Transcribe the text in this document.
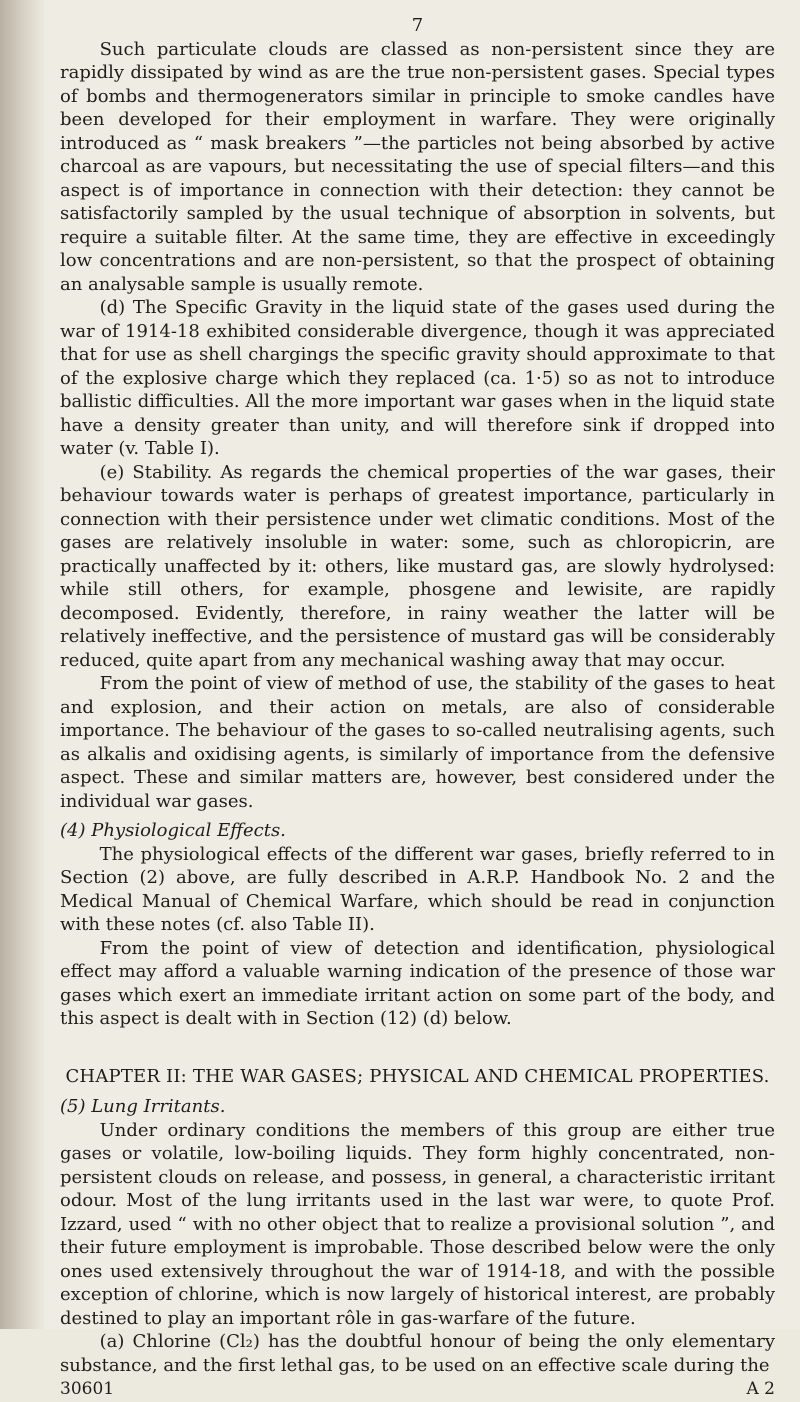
7

Such particulate clouds are classed as non-persistent since they are rapidly dissipated by wind as are the true non-persistent gases. Special types of bombs and thermogenerators similar in principle to smoke candles have been developed for their employment in warfare. They were originally introduced as “ mask breakers ”—the particles not being absorbed by active charcoal as are vapours, but necessitating the use of special filters—and this aspect is of importance in connection with their detection: they cannot be satisfactorily sampled by the usual technique of absorption in solvents, but require a suitable filter. At the same time, they are effective in exceedingly low concentrations and are non-persistent, so that the prospect of obtaining an analysable sample is usually remote.

(d) The Specific Gravity in the liquid state of the gases used during the war of 1914-18 exhibited considerable divergence, though it was appreciated that for use as shell chargings the specific gravity should approximate to that of the explosive charge which they replaced (ca. 1·5) so as not to introduce ballistic difficulties. All the more important war gases when in the liquid state have a density greater than unity, and will therefore sink if dropped into water (v. Table I).

(e) Stability. As regards the chemical properties of the war gases, their behaviour towards water is perhaps of greatest importance, particularly in connection with their persistence under wet climatic conditions. Most of the gases are relatively insoluble in water: some, such as chloropicrin, are practically unaffected by it: others, like mustard gas, are slowly hydrolysed: while still others, for example, phosgene and lewisite, are rapidly decomposed. Evidently, therefore, in rainy weather the latter will be relatively ineffective, and the persistence of mustard gas will be considerably reduced, quite apart from any mechanical washing away that may occur.

From the point of view of method of use, the stability of the gases to heat and explosion, and their action on metals, are also of considerable importance. The behaviour of the gases to so-called neutralising agents, such as alkalis and oxidising agents, is similarly of importance from the defensive aspect. These and similar matters are, however, best considered under the individual war gases.

(4) Physiological Effects.

The physiological effects of the different war gases, briefly referred to in Section (2) above, are fully described in A.R.P. Handbook No. 2 and the Medical Manual of Chemical Warfare, which should be read in conjunction with these notes (cf. also Table II).

From the point of view of detection and identification, physiological effect may afford a valuable warning indication of the presence of those war gases which exert an immediate irritant action on some part of the body, and this aspect is dealt with in Section (12) (d) below.

CHAPTER II: THE WAR GASES; PHYSICAL AND CHEMICAL PROPERTIES.

(5) Lung Irritants.

Under ordinary conditions the members of this group are either true gases or volatile, low-boiling liquids. They form highly concentrated, non-persistent clouds on release, and possess, in general, a characteristic irritant odour. Most of the lung irritants used in the last war were, to quote Prof. Izzard, used “ with no other object that to realize a provisional solution ”, and their future employment is improbable. Those described below were the only ones used extensively throughout the war of 1914-18, and with the possible exception of chlorine, which is now largely of historical interest, are probably destined to play an important rôle in gas-warfare of the future.

(a) Chlorine (Cl₂) has the doubtful honour of being the only elementary substance, and the first lethal gas, to be used on an effective scale during the

30601	A 2
